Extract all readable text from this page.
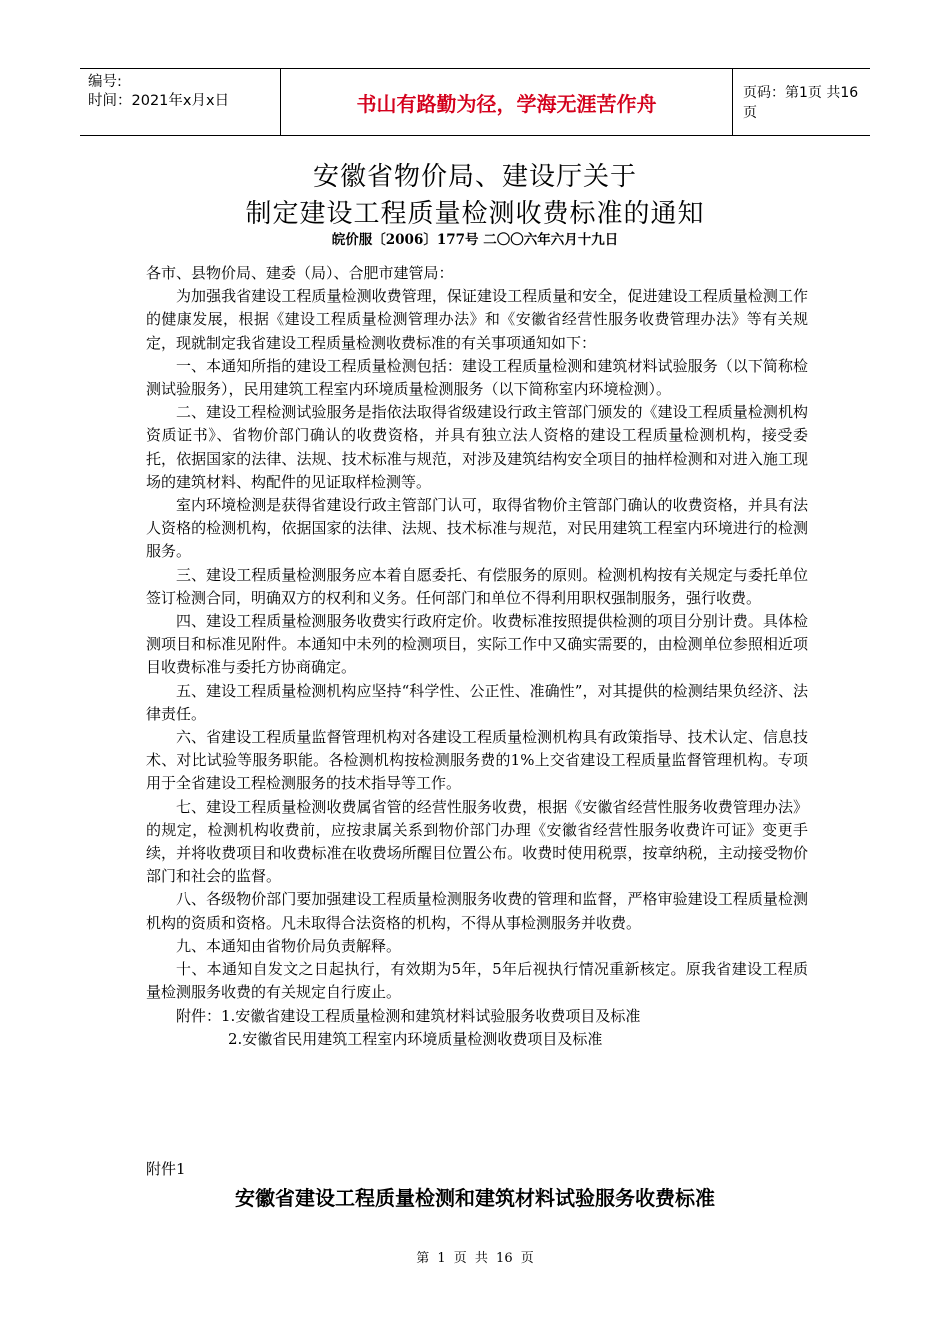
编号:
时间：2021年x月x日	书山有路勤为径，学海无涯苦作舟	页码：第1页 共16页
安徽省物价局、建设厅关于
制定建设工程质量检测收费标准的通知
皖价服〔2006〕177号 二〇〇六年六月十九日

各市、县物价局、建委（局）、合肥市建管局：

为加强我省建设工程质量检测收费管理，保证建设工程质量和安全，促进建设工程质量检测工作的健康发展，根据《建设工程质量检测管理办法》和《安徽省经营性服务收费管理办法》等有关规定，现就制定我省建设工程质量检测收费标准的有关事项通知如下：

一、本通知所指的建设工程质量检测包括：建设工程质量检测和建筑材料试验服务（以下简称检测试验服务），民用建筑工程室内环境质量检测服务（以下简称室内环境检测）。

二、建设工程检测试验服务是指依法取得省级建设行政主管部门颁发的《建设工程质量检测机构资质证书》、省物价部门确认的收费资格，并具有独立法人资格的建设工程质量检测机构，接受委托，依据国家的法律、法规、技术标准与规范，对涉及建筑结构安全项目的抽样检测和对进入施工现场的建筑材料、构配件的见证取样检测等。

室内环境检测是获得省建设行政主管部门认可，取得省物价主管部门确认的收费资格，并具有法人资格的检测机构，依据国家的法律、法规、技术标准与规范，对民用建筑工程室内环境进行的检测服务。

三、建设工程质量检测服务应本着自愿委托、有偿服务的原则。检测机构按有关规定与委托单位签订检测合同，明确双方的权利和义务。任何部门和单位不得利用职权强制服务，强行收费。

四、建设工程质量检测服务收费实行政府定价。收费标准按照提供检测的项目分别计费。具体检测项目和标准见附件。本通知中未列的检测项目，实际工作中又确实需要的，由检测单位参照相近项目收费标准与委托方协商确定。

五、建设工程质量检测机构应坚持“科学性、公正性、准确性”，对其提供的检测结果负经济、法律责任。

六、省建设工程质量监督管理机构对各建设工程质量检测机构具有政策指导、技术认定、信息技术、对比试验等服务职能。各检测机构按检测服务费的1%上交省建设工程质量监督管理机构。专项用于全省建设工程检测服务的技术指导等工作。

七、建设工程质量检测收费属省管的经营性服务收费，根据《安徽省经营性服务收费管理办法》的规定，检测机构收费前，应按隶属关系到物价部门办理《安徽省经营性服务收费许可证》变更手续，并将收费项目和收费标准在收费场所醒目位置公布。收费时使用税票，按章纳税，主动接受物价部门和社会的监督。

八、各级物价部门要加强建设工程质量检测服务收费的管理和监督，严格审验建设工程质量检测机构的资质和资格。凡未取得合法资格的机构，不得从事检测服务并收费。

九、本通知由省物价局负责解释。

十、本通知自发文之日起执行，有效期为5年，5年后视执行情况重新核定。原我省建设工程质量检测服务收费的有关规定自行废止。

附件：1.安徽省建设工程质量检测和建筑材料试验服务收费项目及标准

2.安徽省民用建筑工程室内环境质量检测收费项目及标准

附件1
安徽省建设工程质量检测和建筑材料试验服务收费标准
第 1 页 共 16 页
